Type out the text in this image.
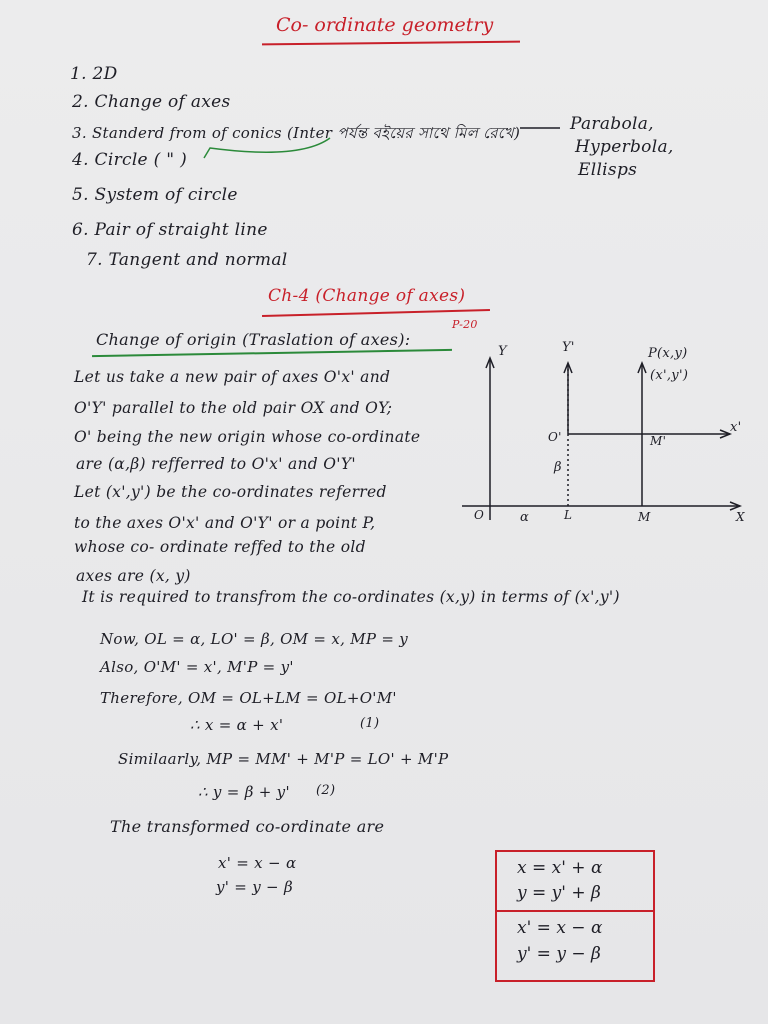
Co- ordinate geometry
1. 2D
2. Change of axes
3. Standerd from of conics (Inter পর্যন্ত বইয়ের সাথে মিল রেখে)
4. Circle ( " )
5. System of circle
6. Pair of straight line
7. Tangent and normal
Parabola,
Hyperbola,
Ellisps
Ch-4 (Change of axes)
P-20
Change of origin (Traslation of axes):
Let us take a new pair of axes O'x' and
O'Y' parallel to the old pair OX and OY;
O' being the new origin whose co-ordinate
are (α,β) refferred to O'x' and O'Y'
Let (x',y') be the co-ordinates referred
to the axes O'x' and O'Y' or a point P,
whose co- ordinate reffed to the old
axes are (x, y)
It is required to transfrom the co-ordinates (x,y) in terms of (x',y')
Now, OL = α, LO' = β, OM = x, MP = y
Also, O'M' = x', M'P = y'
Therefore, OM = OL+LM = OL+O'M'
∴ x = α + x'	(1)
Similaarly, MP = MM' + M'P = LO' + M'P
∴ y = β + y' (2)
The transformed co-ordinate are
x' = x − α
y' = y − β
x = x' + α
y = y' + β
x' = x − α
y' = y − β
Y	Y'	P(x,y)
(x',y')
O'	M'
x'
β
O	α	L	M	X
